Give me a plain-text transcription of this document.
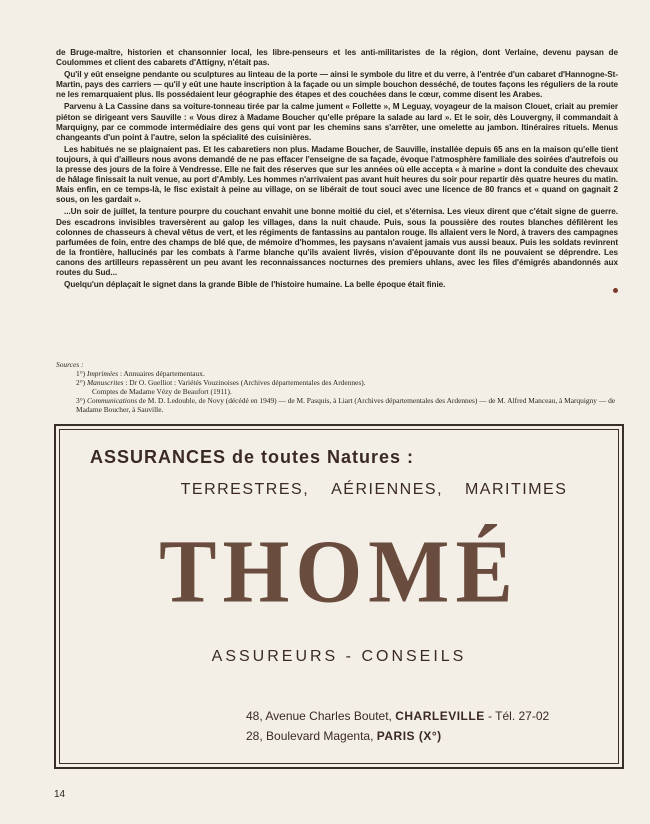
de Bruge-maître, historien et chansonnier local, les libre-penseurs et les anti-militaristes de la région, dont Verlaine, devenu paysan de Coulommes et client des cabarets d'Attigny, n'était pas.

Qu'il y eût enseigne pendante ou sculptures au linteau de la porte — ainsi le symbole du litre et du verre, à l'entrée d'un cabaret d'Hannogne-St-Martin, pays des carriers — qu'il y eût une haute inscription à la façade ou un simple bouchon desséché, de toutes façons les réguliers de la route ne les remarquaient plus. Ils possédaient leur géographie des étapes et des couchées dans le cœur, comme disent les Arabes.

Parvenu à La Cassine dans sa voiture-tonneau tirée par la calme jument « Follette », M Leguay, voyageur de la maison Clouet, criait au premier piéton se dirigeant vers Sauville : « Vous direz à Madame Boucher qu'elle prépare la salade au lard ». Et le soir, dès Louvergny, il commandait à Marquigny, par ce commode intermédiaire des gens qui vont par les chemins sans s'arrêter, une omelette au jambon. Itinéraires rituels. Menus changeants d'un point à l'autre, selon la spécialité des cuisinières.

Les habitués ne se plaignaient pas. Et les cabaretiers non plus. Madame Boucher, de Sauville, installée depuis 65 ans en la maison qu'elle tient toujours, à qui d'ailleurs nous avons demandé de ne pas effacer l'enseigne de sa façade, évoque l'atmosphère familiale des soirées d'autrefois ou la presse des jours de la foire à Vendresse. Elle ne fait des réserves que sur les années où elle accepta « à marine » dont la conduite des chevaux de hâlage finissait la nuit venue, au port d'Ambly. Les hommes n'arrivaient pas avant huit heures du soir pour repartir dès quatre heures du matin. Mais enfin, en ce temps-là, le fisc existait à peine au village, on se libérait de tout souci avec une licence de 80 francs et « quand on gagnait 2 sous, on les gardait ».

...Un soir de juillet, la tenture pourpre du couchant envahit une bonne moitié du ciel, et s'éternisa. Les vieux dirent que c'était signe de guerre. Des escadrons invisibles traversèrent au galop les villages, dans la nuit chaude. Puis, sous la poussière des routes blanches défilèrent les colonnes de chasseurs à cheval vêtus de vert, et les régiments de fantassins au pantalon rouge. Ils allaient vers le Nord, à travers des campagnes parfumées de foin, entre des champs de blé que, de mémoire d'hommes, les paysans n'avaient jamais vus aussi beaux. Puis les soldats revinrent de la frontière, hallucinés par les combats à l'arme blanche qu'ils avaient livrés, vision d'épouvante dont ils ne pouvaient se déprendre. Les canons des artilleurs repassèrent un peu avant les reconnaissances nocturnes des premiers uhlans, avec les files d'émigrés abandonnés aux routes du Sud...

Quelqu'un déplaçait le signet dans la grande Bible de l'histoire humaine. La belle époque était finie.

Sources :
1°) Imprimées : Annuaires départementaux.
2°) Manuscrites : Dr O. Guelliot : Variétés Vouzinoises (Archives départementales des Ardennes).
Comptes de Madame Vézy de Beaufort (1911).
3°) Communications de M. D. Ledouble, de Novy (décédé en 1949) — de M. Pasquis, à Liart (Archives départementales des Ardennes) — de M. Alfred Manceau, à Marquigny — de Madame Boucher, à Sauville.
ASSURANCES de toutes Natures :
TERRESTRES, AÉRIENNES, MARITIMES
THOMÉ
ASSUREURS - CONSEILS
48, Avenue Charles Boutet, CHARLEVILLE - Tél. 27-02
28, Boulevard Magenta, PARIS (X°)
14
